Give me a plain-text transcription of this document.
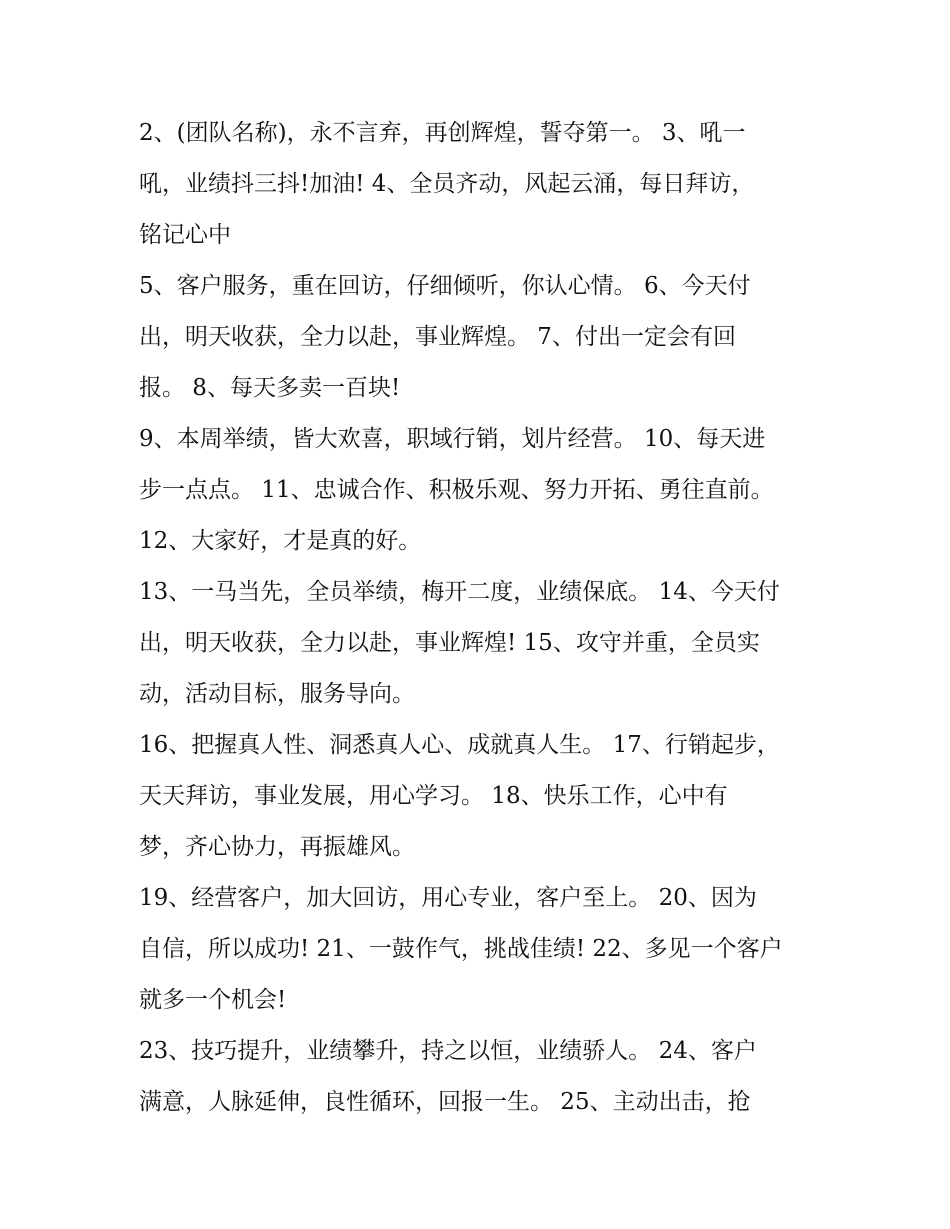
2、(团队名称)，永不言弃，再创辉煌，誓夺第一。 3、吼一
吼，业绩抖三抖!加油! 4、全员齐动，风起云涌，每日拜访，
铭记心中
5、客户服务，重在回访，仔细倾听，你认心情。 6、今天付
出，明天收获，全力以赴，事业辉煌。 7、付出一定会有回
报。 8、每天多卖一百块!
9、本周举绩，皆大欢喜，职域行销，划片经营。 10、每天进
步一点点。 11、忠诚合作、积极乐观、努力开拓、勇往直前。
12、大家好，才是真的好。
13、一马当先，全员举绩，梅开二度，业绩保底。 14、今天付
出，明天收获，全力以赴，事业辉煌! 15、攻守并重，全员实
动，活动目标，服务导向。
16、把握真人性、洞悉真人心、成就真人生。 17、行销起步，
天天拜访，事业发展，用心学习。 18、快乐工作，心中有
梦，齐心协力，再振雄风。
19、经营客户，加大回访，用心专业，客户至上。 20、因为
自信，所以成功! 21、一鼓作气，挑战佳绩! 22、多见一个客户
就多一个机会!
23、技巧提升，业绩攀升，持之以恒，业绩骄人。 24、客户
满意，人脉延伸，良性循环，回报一生。 25、主动出击，抢
